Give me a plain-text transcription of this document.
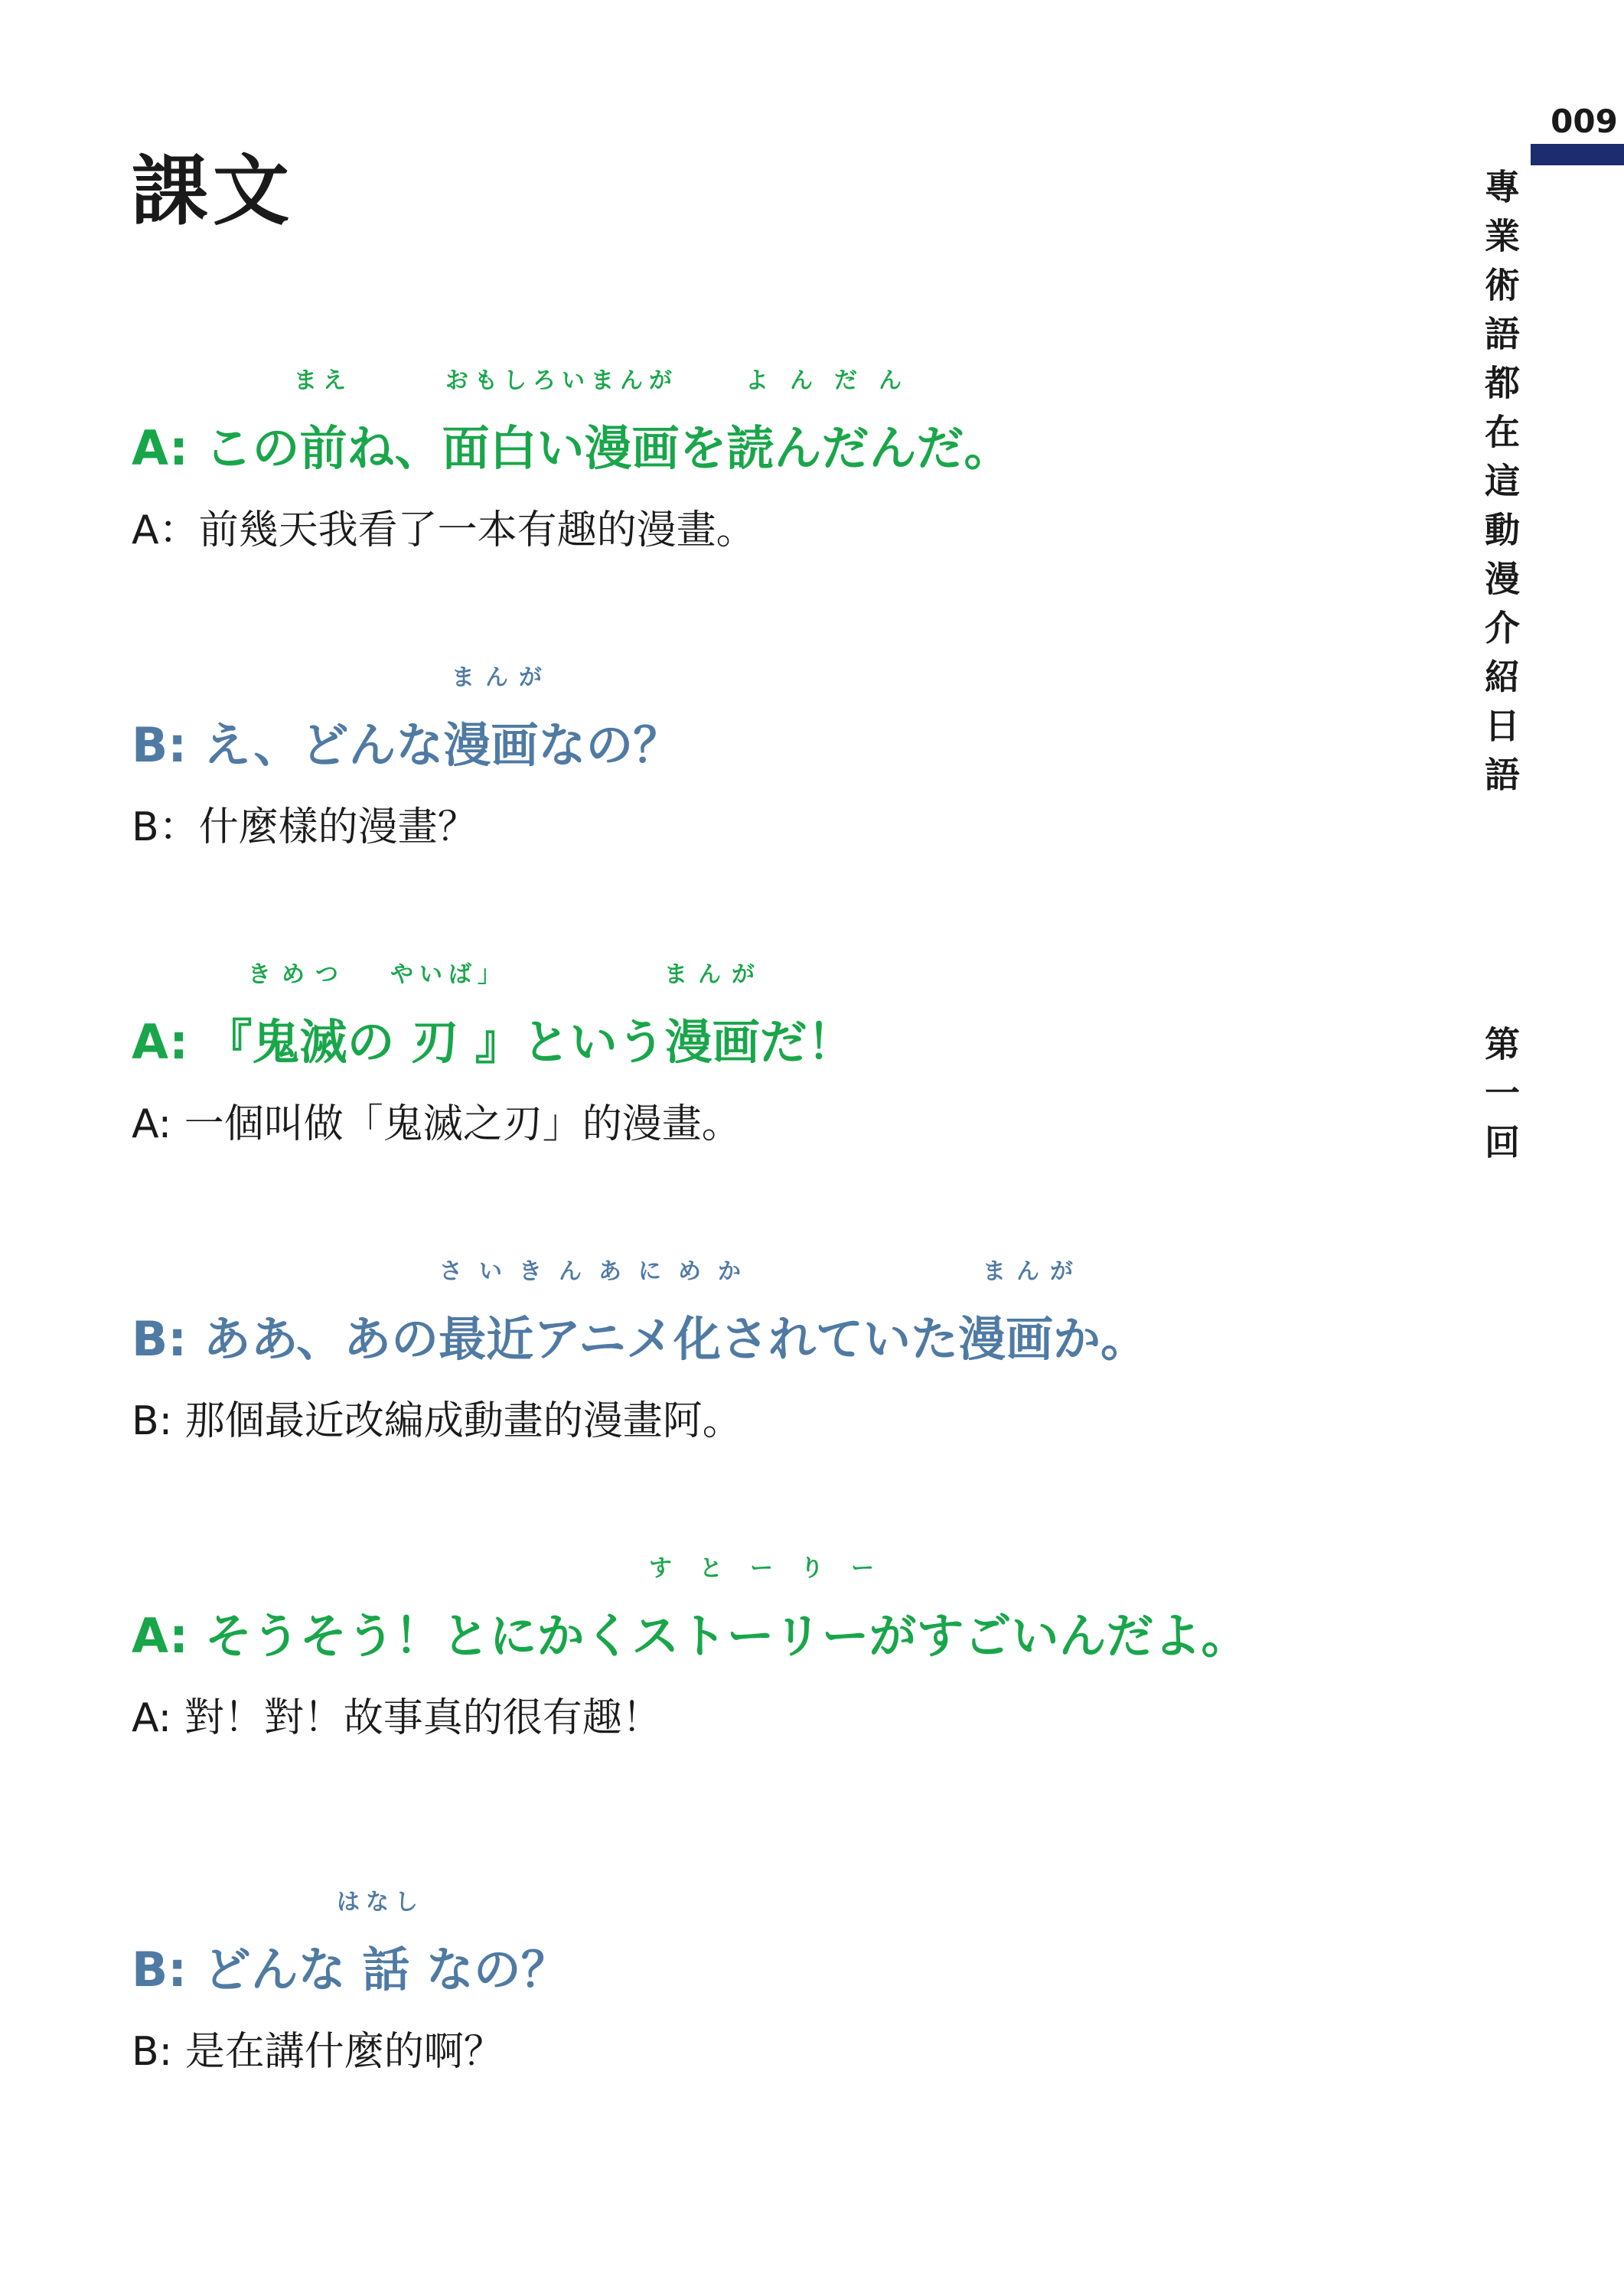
課文
009
專業術語都在這動漫介紹日語
第一回
まえ	おもしろいまんが	よんだん
A: この前ね、面白い漫画を読んだんだ。
A：前幾天我看了一本有趣的漫畫。
まんが
B: え、どんな漫画なの？
B：什麼樣的漫畫？
きめつ やいば」	まんが
A: 『鬼滅の 刃 』という漫画だ！
A: 一個叫做「鬼滅之刃」的漫畫。
さいきんあにめか	まんが
B: ああ、あの最近アニメ化されていた漫画か。
B: 那個最近改編成動畫的漫畫阿。
すとーりー
A: そうそう！とにかくストーリーがすごいんだよ。
A: 對！對！故事真的很有趣！
はなし
B: どんな 話 なの？
B: 是在講什麼的啊？
